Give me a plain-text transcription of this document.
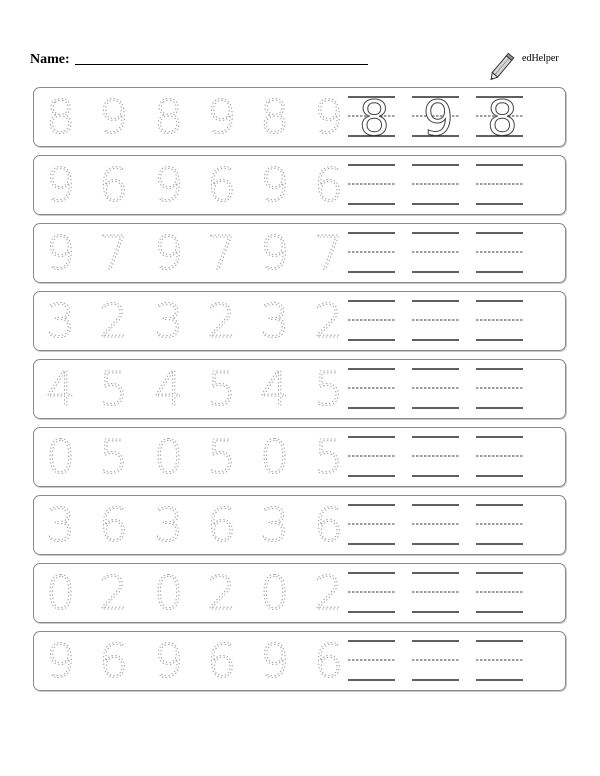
Name:	edHelper
8 9 8 9 8 9 8 9 8
9 6 9 6 9 6
9 7 9 7 9 7
3 2 3 2 3 2
4 5 4 5 4 5
0 5 0 5 0 5
3 6 3 6 3 6
0 2 0 2 0 2
9 6 9 6 9 6
